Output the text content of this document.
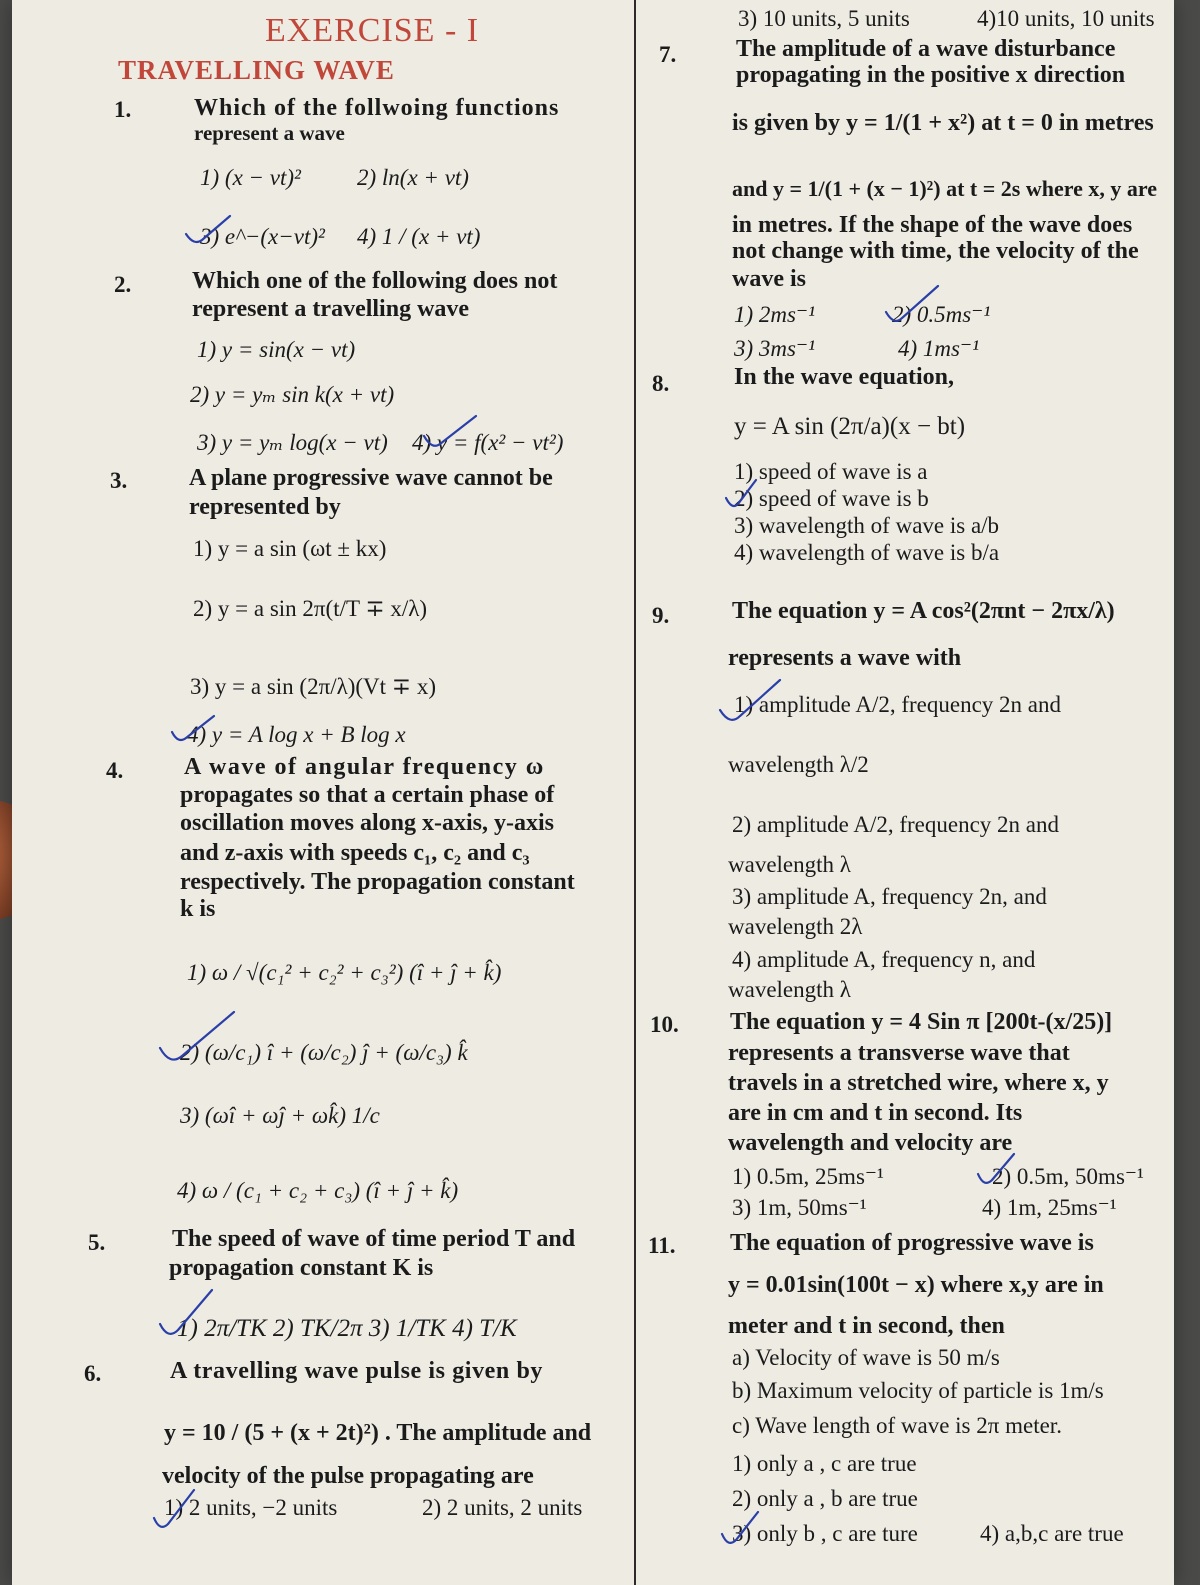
EXERCISE - I
TRAVELLING WAVE
1.	Which of the follwoing functions
represent a wave
1) (x − vt)² 2) ln(x + vt)
3) e^−(x−vt)² 4) 1 / (x + vt)
2.	Which one of the following does not
represent a travelling wave
1) y = sin(x − vt)
2) y = yₘ sin k(x + vt)
3) y = yₘ log(x − vt) 4) y = f(x² − vt²)
3.	A plane progressive wave cannot be
represented by
1) y = a sin (ωt ± kx)
2) y = a sin 2π(t/T ∓ x/λ)
3) y = a sin (2π/λ)(Vt ∓ x)
4) y = A log x + B log x
4.	A wave of angular frequency ω
propagates so that a certain phase of
oscillation moves along x-axis, y-axis
and z-axis with speeds c₁, c₂ and c₃
respectively. The propagation constant
k is
1) ω / √(c₁² + c₂² + c₃²) (î + ĵ + k̂)
2) (ω/c₁) î + (ω/c₂) ĵ + (ω/c₃) k̂
3) (ωî + ωĵ + ωk̂) 1/c
4) ω / (c₁ + c₂ + c₃) (î + ĵ + k̂)
5.	The speed of wave of time period T and
propagation constant K is
1) 2π/TK 2) TK/2π 3) 1/TK 4) T/K
6.	A travelling wave pulse is given by
y = 10 / (5 + (x + 2t)²) . The amplitude and
velocity of the pulse propagating are
1) 2 units, −2 units	2) 2 units, 2 units
3) 10 units, 5 units	4)10 units, 10 units
7. The amplitude of a wave disturbance
propagating in the positive x direction
is given by y = 1/(1 + x²) at t = 0 in metres
and y = 1/(1 + (x − 1)²) at t = 2s where x, y are
in metres. If the shape of the wave does
not change with time, the velocity of the
wave is
1) 2ms⁻¹	2) 0.5ms⁻¹
3) 3ms⁻¹	4) 1ms⁻¹
8.	In the wave equation,
y = A sin (2π/a)(x − bt)
1) speed of wave is a
2) speed of wave is b
3) wavelength of wave is a/b
4) wavelength of wave is b/a
9.	The equation y = A cos²(2πnt − 2πx/λ)
represents a wave with
1) amplitude A/2, frequency 2n and
wavelength λ/2
2) amplitude A/2, frequency 2n and
wavelength λ
3) amplitude A, frequency 2n, and
wavelength 2λ
4) amplitude A, frequency n, and
wavelength λ
10. The equation y = 4 Sin π [200t-(x/25)]
represents a transverse wave that
travels in a stretched wire, where x, y
are in cm and t in second. Its
wavelength and velocity are
1) 0.5m, 25ms⁻¹	2) 0.5m, 50ms⁻¹
3) 1m, 50ms⁻¹	4) 1m, 25ms⁻¹
11. The equation of progressive wave is
y = 0.01sin(100t − x) where x,y are in
meter and t in second, then
a) Velocity of wave is 50 m/s
b) Maximum velocity of particle is 1m/s
c) Wave length of wave is 2π meter.
1) only a , c are true
2) only a , b are true
3) only b , c are ture	4) a,b,c are true
